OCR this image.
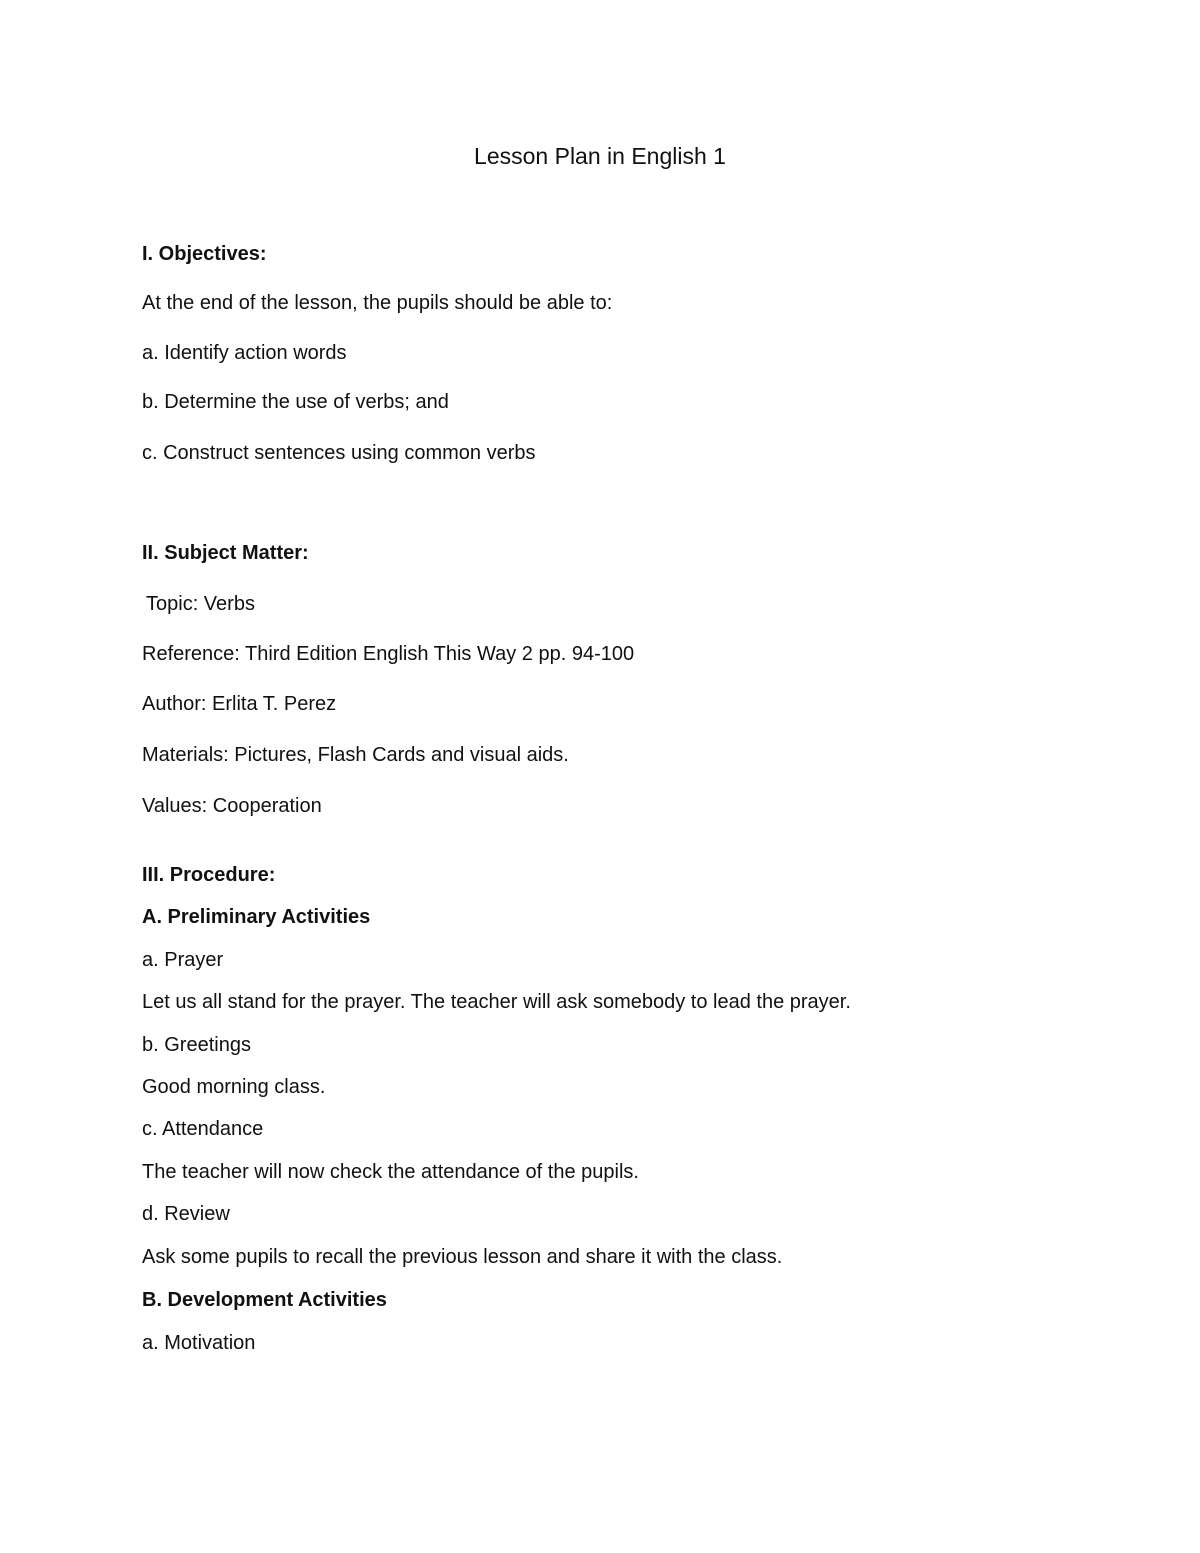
Lesson Plan in English 1
I. Objectives:
At the end of the lesson, the pupils should be able to:
a. Identify action words
b. Determine the use of verbs; and
c. Construct sentences using common verbs
II. Subject Matter:
Topic: Verbs
Reference: Third Edition English This Way 2 pp. 94-100
Author: Erlita T. Perez
Materials: Pictures, Flash Cards and visual aids.
Values: Cooperation
III. Procedure:
A. Preliminary Activities
a. Prayer
Let us all stand for the prayer. The teacher will ask somebody to lead the prayer.
b. Greetings
Good morning class.
c. Attendance
The teacher will now check the attendance of the pupils.
d. Review
Ask some pupils to recall the previous lesson and share it with the class.
B. Development Activities
a. Motivation
